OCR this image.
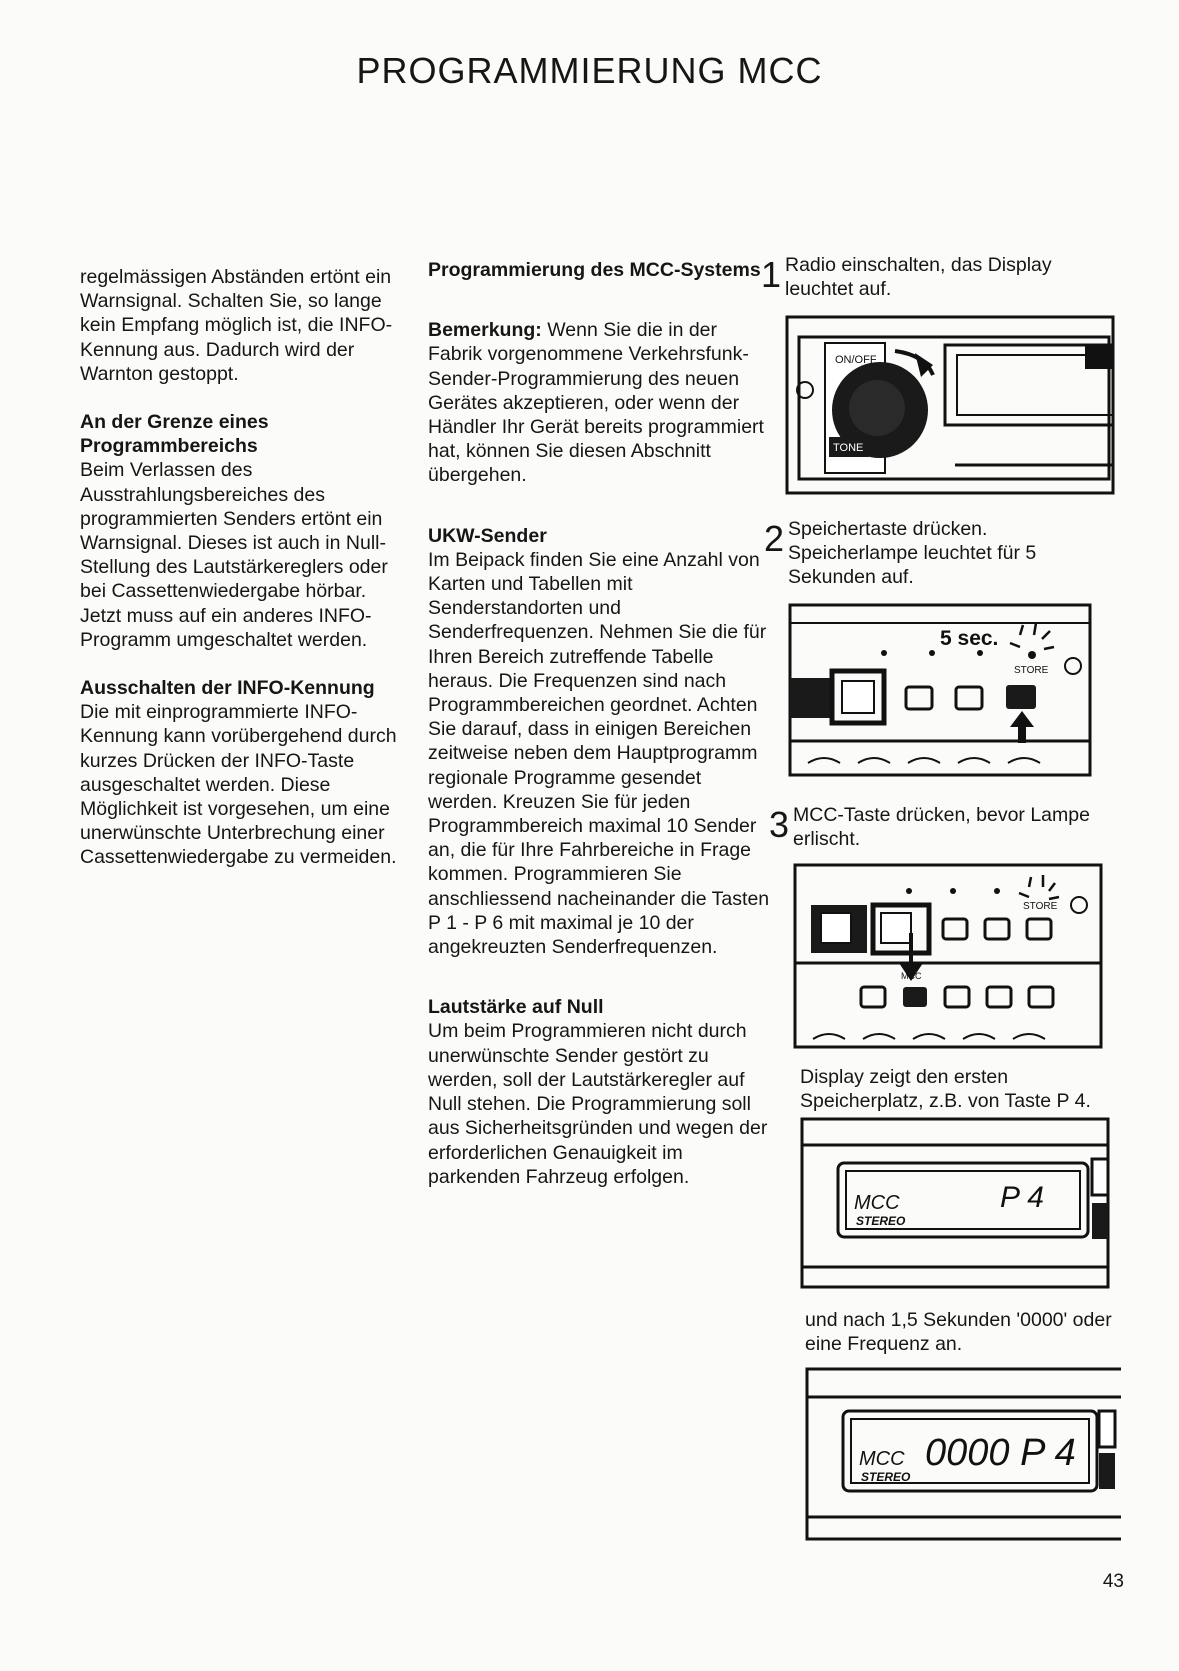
PROGRAMMIERUNG MCC

regelmässigen Abständen ertönt ein Warnsignal. Schalten Sie, so lange kein Empfang möglich ist, die INFO-Kennung aus. Dadurch wird der Warnton gestoppt.

An der Grenze eines Programmbereichs

Beim Verlassen des Ausstrahlungsbereiches des programmierten Senders ertönt ein Warnsignal. Dieses ist auch in Null-Stellung des Lautstärkereglers oder bei Cassettenwiedergabe hörbar. Jetzt muss auf ein anderes INFO-Programm umgeschaltet werden.

Ausschalten der INFO-Kennung

Die mit einprogrammierte INFO-Kennung kann vorübergehend durch kurzes Drücken der INFO-Taste ausgeschaltet werden. Diese Möglichkeit ist vorgesehen, um eine unerwünschte Unterbrechung einer Cassettenwiedergabe zu vermeiden.

Programmierung des MCC-Systems

Bemerkung: Wenn Sie die in der Fabrik vorgenommene Verkehrsfunk-Sender-Programmierung des neuen Gerätes akzeptieren, oder wenn der Händler Ihr Gerät bereits programmiert hat, können Sie diesen Abschnitt übergehen.

UKW-Sender

Im Beipack finden Sie eine Anzahl von Karten und Tabellen mit Senderstandorten und Senderfrequenzen. Nehmen Sie die für Ihren Bereich zutreffende Tabelle heraus. Die Frequenzen sind nach Programmbereichen geordnet. Achten Sie darauf, dass in einigen Bereichen zeitweise neben dem Hauptprogramm regionale Programme gesendet werden. Kreuzen Sie für jeden Programmbereich maximal 10 Sender an, die für Ihre Fahrbereiche in Frage kommen. Programmieren Sie anschliessend nacheinander die Tasten P 1 - P 6 mit maximal je 10 der angekreuzten Senderfrequenzen.

Lautstärke auf Null

Um beim Programmieren nicht durch unerwünschte Sender gestört zu werden, soll der Lautstärkeregler auf Null stehen. Die Programmierung soll aus Sicherheitsgründen und wegen der erforderlichen Genauigkeit im parkenden Fahrzeug erfolgen.

1 Radio einschalten, das Display leuchtet auf.
ON/OFF
TONE
2 Speichertaste drücken. Speicherlampe leuchtet für 5 Sekunden auf.
5 sec.
STORE
3 MCC-Taste drücken, bevor Lampe erlischt.
STORE
MCC
Display zeigt den ersten Speicherplatz, z.B. von Taste P 4.
MCC
STEREO
P 4
und nach 1,5 Sekunden '0000' oder eine Frequenz an.
MCC
STEREO
0000 P 4
43
